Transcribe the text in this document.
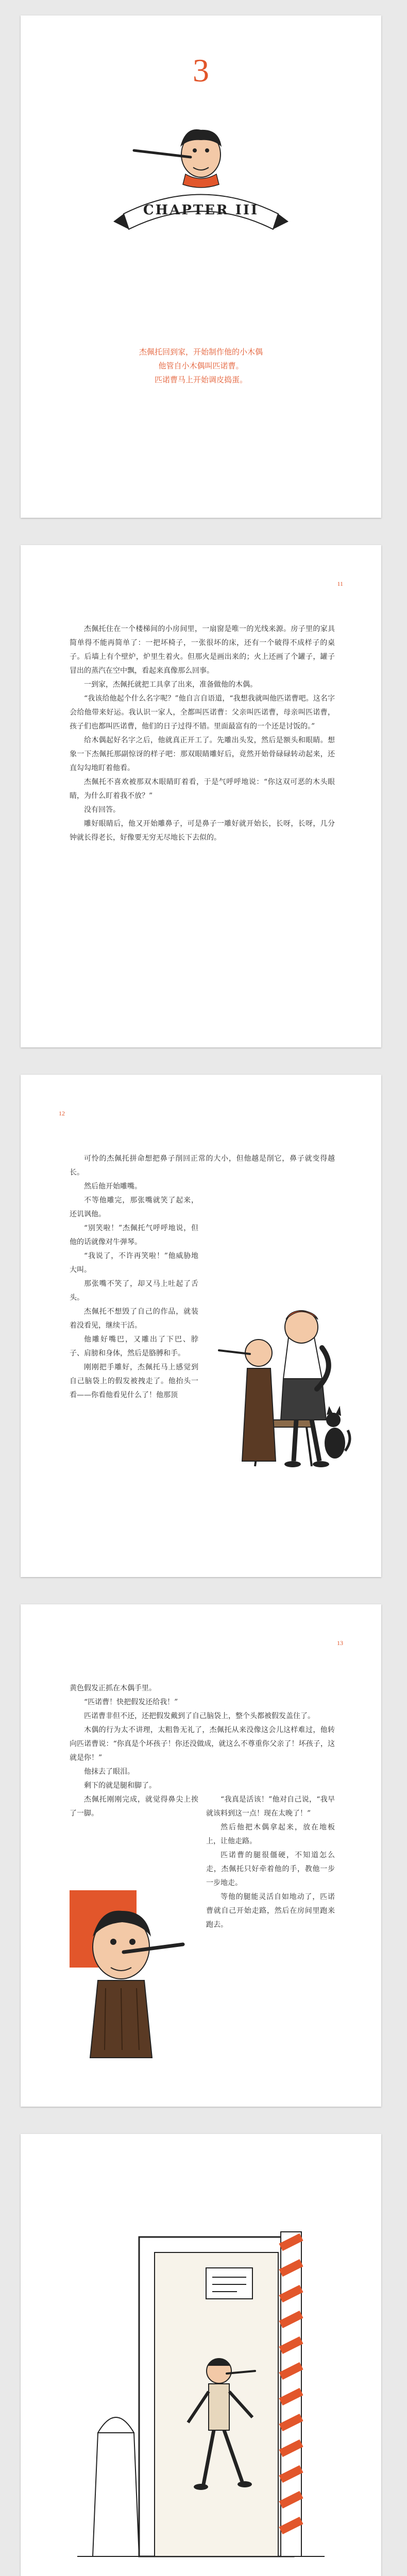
3
CHAPTER III
杰佩托回到家，开始制作他的小木偶
他管自小木偶叫匹诺曹。
匹诺曹马上开始调皮捣蛋。
11

杰佩托住在一个楼梯间的小房间里，一扇窗是唯一的光线来源。房子里的家具简单得不能再简单了：一把坏椅子，一张很坏的床，还有一个破得不成样子的桌子。后墙上有个壁炉，炉里生着火。但那火是画出来的；火上还画了个罐子，罐子冒出的蒸汽在空中飘，看起来真像那么回事。

一到家，杰佩托就把工具拿了出来，准备做他的木偶。

“我该给他起个什么名字呢？”他自言自语道，“我想我就叫他匹诺曹吧。这名字会给他带来好运。我认识一家人，全都叫匹诺曹：父亲叫匹诺曹，母亲叫匹诺曹，孩子们也都叫匹诺曹，他们的日子过得不错。里面最富有的一个还是讨饭的。”

给木偶起好名字之后，他就真正开工了。先雕出头发，然后是额头和眼睛。想象一下杰佩托那副惊讶的样子吧：那双眼睛雕好后，竟然开始骨碌碌转动起来，还直勾勾地盯着他看。

杰佩托不喜欢被那双木眼睛盯着看，于是气呼呼地说：“你这双可恶的木头眼睛，为什么盯着我不放？”

没有回答。

雕好眼睛后，他又开始雕鼻子，可是鼻子一雕好就开始长，长呀，长呀，几分钟就长得老长，好像要无穷无尽地长下去似的。

12

可怜的杰佩托拼命想把鼻子削回正常的大小，但他越是削它，鼻子就变得越长。

然后他开始雕嘴。

不等他雕完，那张嘴就笑了起来，还讥讽他。

“别笑啦！”杰佩托气呼呼地说，但他的话就像对牛弹琴。

“我说了，不许再笑啦！”他威胁地大叫。

那张嘴不笑了，却又马上吐起了舌头。

杰佩托不想毁了自己的作品，就装着没看见，继续干活。

他雕好嘴巴，又雕出了下巴、脖子、肩膀和身体，然后是胳膊和手。

刚刚把手雕好，杰佩托马上感觉到自己脑袋上的假发被拽走了。他抬头一看——你看他看见什么了！他那顶

13

黄色假发正抓在木偶手里。

“匹诺曹！快把假发还给我！”

匹诺曹非但不还，还把假发戴到了自己脑袋上，整个头都被假发盖住了。

木偶的行为太不讲理，太粗鲁无礼了，杰佩托从来没像这会儿这样难过，他转向匹诺曹说：“你真是个坏孩子！你还没做成，就这么不尊重你父亲了！坏孩子，这就是你！”

他抹去了眼泪。

剩下的就是腿和脚了。

杰佩托刚刚完成，就觉得鼻尖上挨了一脚。

“我真是活该！”他对自己说，“我早就该料到这一点！现在太晚了！”

然后他把木偶拿起来，放在地板上，让他走路。

匹诺曹的腿很僵硬，不知道怎么走，杰佩托只好牵着他的手，教他一步一步地走。

等他的腿能灵活自如地动了，匹诺曹就自己开始走路，然后在房间里跑来跑去。
